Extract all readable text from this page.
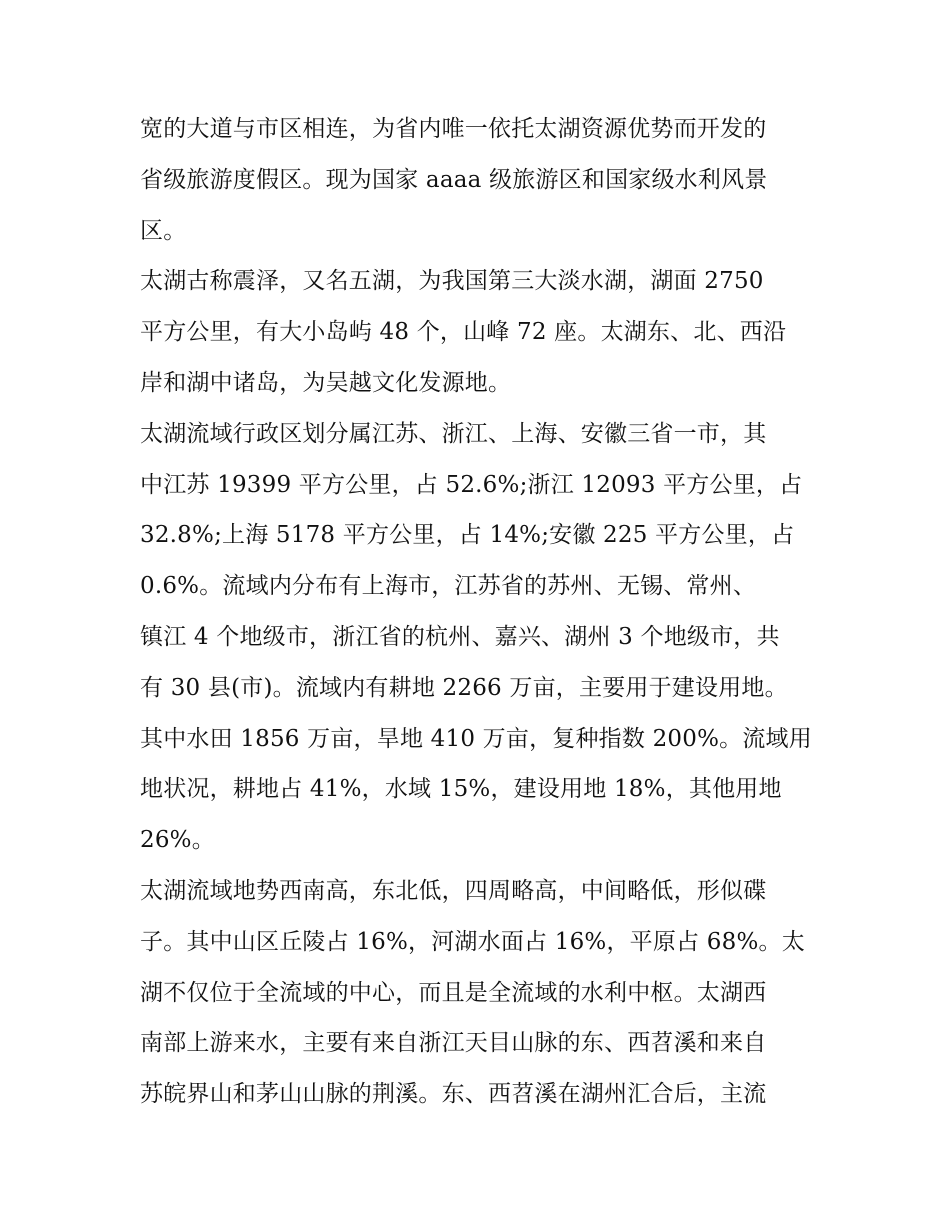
宽的大道与市区相连，为省内唯一依托太湖资源优势而开发的
省级旅游度假区。现为国家 aaaa 级旅游区和国家级水利风景
区。
太湖古称震泽，又名五湖，为我国第三大淡水湖，湖面 2750
平方公里，有大小岛屿 48 个，山峰 72 座。太湖东、北、西沿
岸和湖中诸岛，为吴越文化发源地。
太湖流域行政区划分属江苏、浙江、上海、安徽三省一市，其
中江苏 19399 平方公里，占 52.6%;浙江 12093 平方公里，占
32.8%;上海 5178 平方公里，占 14%;安徽 225 平方公里，占
0.6%。流域内分布有上海市，江苏省的苏州、无锡、常州、
镇江 4 个地级市，浙江省的杭州、嘉兴、湖州 3 个地级市，共
有 30 县(市)。流域内有耕地 2266 万亩，主要用于建设用地。
其中水田 1856 万亩，旱地 410 万亩，复种指数 200%。流域用
地状况，耕地占 41%，水域 15%，建设用地 18%，其他用地
26%。
太湖流域地势西南高，东北低，四周略高，中间略低，形似碟
子。其中山区丘陵占 16%，河湖水面占 16%，平原占 68%。太
湖不仅位于全流域的中心，而且是全流域的水利中枢。太湖西
南部上游来水，主要有来自浙江天目山脉的东、西苕溪和来自
苏皖界山和茅山山脉的荆溪。东、西苕溪在湖州汇合后，主流
